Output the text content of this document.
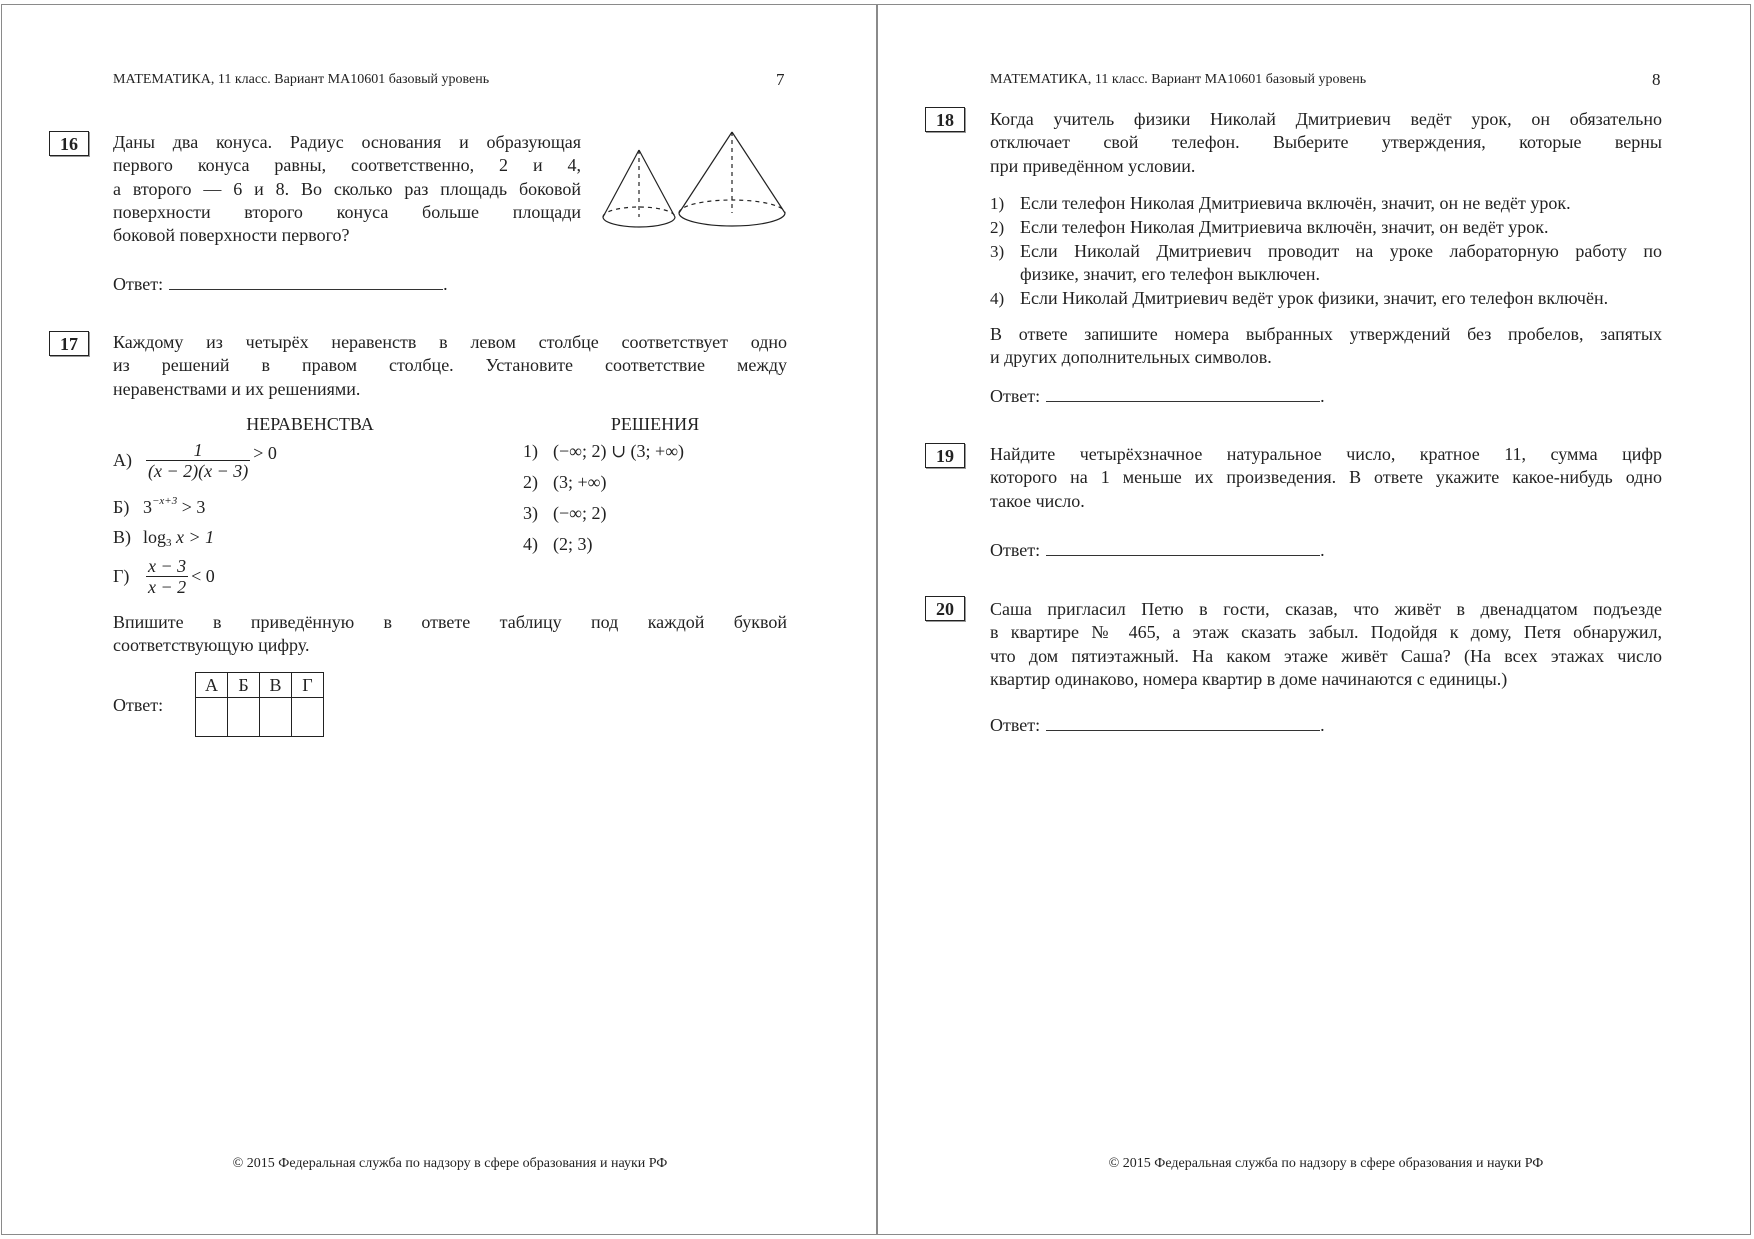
МАТЕМАТИКА, 11 класс. Вариант МА10601 базовый уровень	7
16	Даны два конуса. Радиус основания и образующая
первого конуса равны, соответственно, 2 и 4,
а второго — 6 и 8. Во сколько раз площадь боковой
поверхности второго конуса больше площади
боковой поверхности первого?
Ответ:	.
17	Каждому из четырёх неравенств в левом столбце соответствует одно
из решений в правом столбце. Установите соответствие между
неравенствами и их решениями.
НЕРАВЕНСТВА	РЕШЕНИЯ
$А) \frac{1}{(x - 2)(x - 3)} > 0$
Б) $3^{-x+3}$
> 3
В) $\log_3$
x > 1
$Г) \frac{x - 3}{x - 2} < 0$
1) (−∞; 2) ∪ (3; +∞)
2) (3; +∞)
3) (−∞; 2)
4) (2; 3)
Впишите в приведённую в ответе таблицу под каждой буквой
соответствующую цифру.
Ответ:
А	Б	В	Г

© 2015 Федеральная служба по надзору в сфере образования и науки РФ
МАТЕМАТИКА, 11 класс. Вариант МА10601 базовый уровень	8
18	Когда учитель физики Николай Дмитриевич ведёт урок, он обязательно
отключает свой телефон. Выберите утверждения, которые верны
при приведённом условии.
1) Если телефон Николая Дмитриевича включён, значит, он не ведёт урок.
2) Если телефон Николая Дмитриевича включён, значит, он ведёт урок.
3) Если Николай Дмитриевич проводит на уроке лабораторную работу по
физике, значит, его телефон выключен.
4) Если Николай Дмитриевич ведёт урок физики, значит, его телефон включён.
В ответе запишите номера выбранных утверждений без пробелов, запятых
и других дополнительных символов.
Ответ:	.
19	Найдите четырёхзначное натуральное число, кратное 11, сумма цифр
которого на 1 меньше их произведения. В ответе укажите какое-нибудь одно
такое число.
Ответ:	.
20	Саша пригласил Петю в гости, сказав, что живёт в двенадцатом подъезде
в квартире № 465, а этаж сказать забыл. Подойдя к дому, Петя обнаружил,
что дом пятиэтажный. На каком этаже живёт Саша? (На всех этажах число
квартир одинаково, номера квартир в доме начинаются с единицы.)
Ответ:	.
© 2015 Федеральная служба по надзору в сфере образования и науки РФ
